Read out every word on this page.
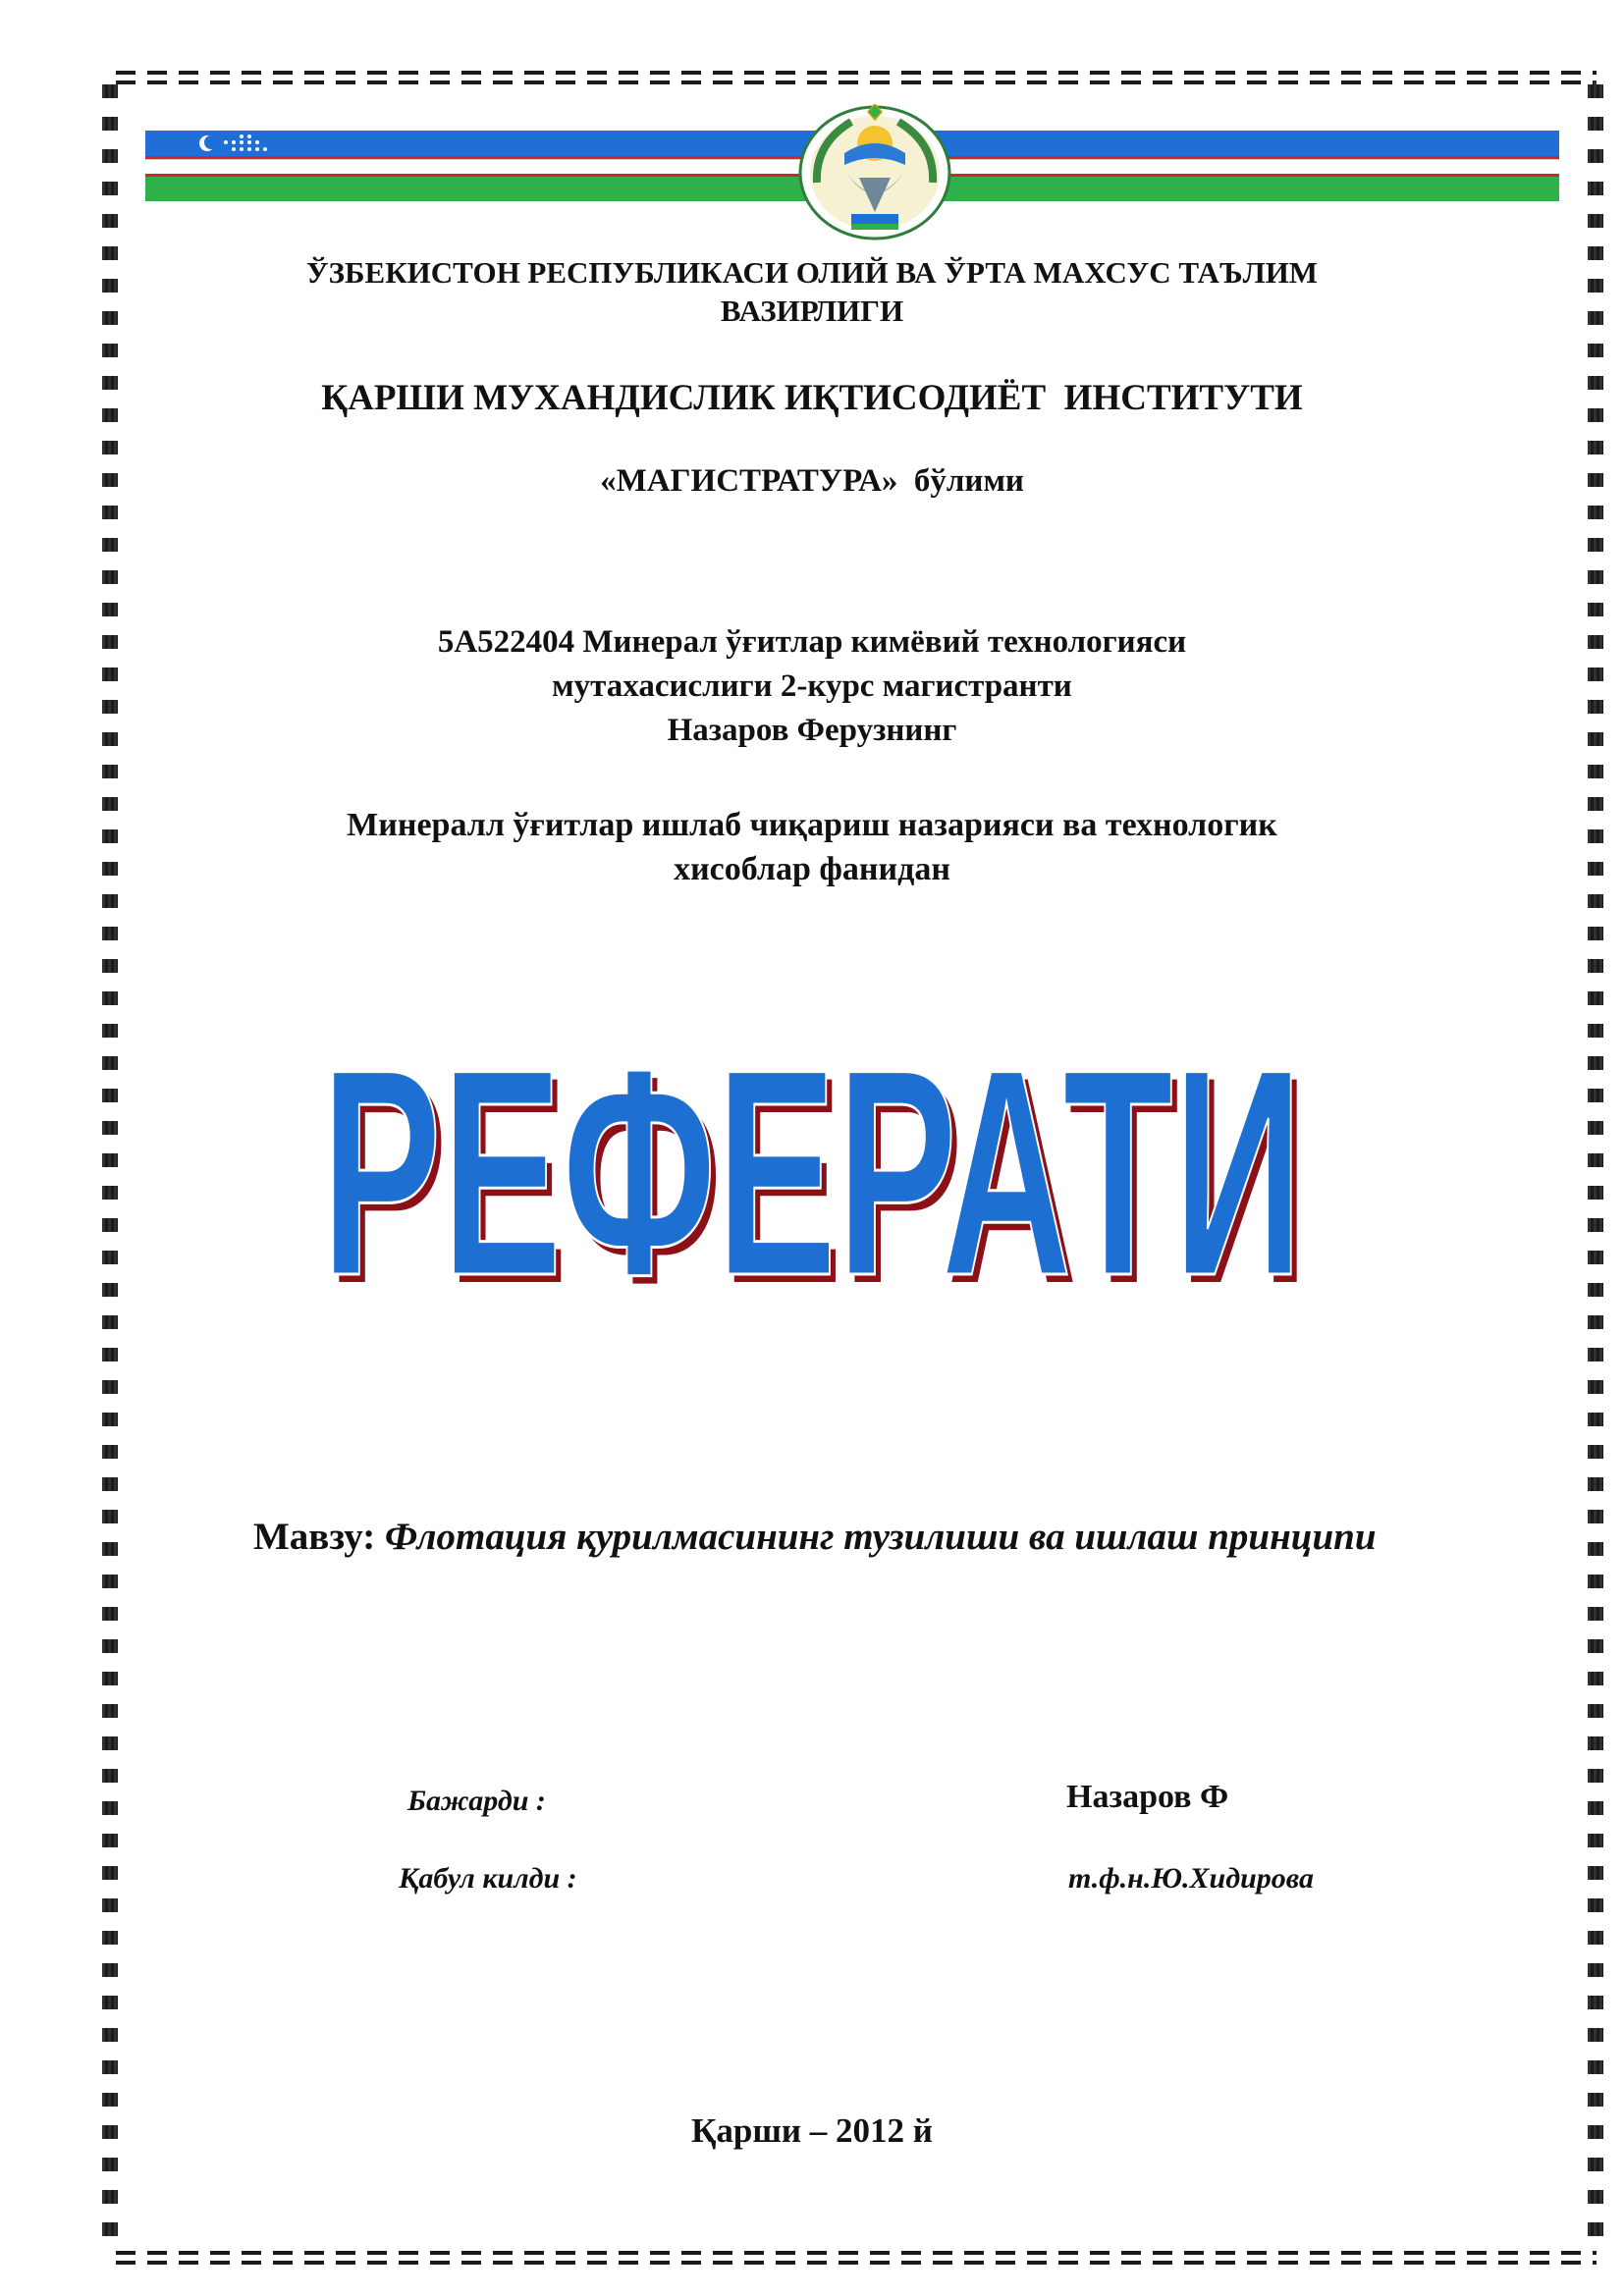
ЎЗБЕКИСТОН РЕСПУБЛИКАСИ ОЛИЙ ВА ЎРТА МАХСУС ТАЪЛИМ
ВАЗИРЛИГИ
ҚАРШИ МУХАНДИСЛИК ИҚТИСОДИЁТ  ИНСТИТУТИ
«МАГИСТРАТУРА»  бўлими
5A522404 Минерал ўғитлар кимёвий технологияси
мутахасислиги 2-курс магистранти
Назаров Ферузнинг
Минералл ўғитлар ишлаб чиқариш назарияси ва технологик
хисоблар фанидан
РЕФЕРАТИ
РЕФЕРАТИ
Мавзу: Флотация қурилмасининг тузилиши ва ишлаш принципи
Бажарди :	Назаров Ф
Қабул килди :	т.ф.н.Ю.Хидирова
Қарши – 2012 й
